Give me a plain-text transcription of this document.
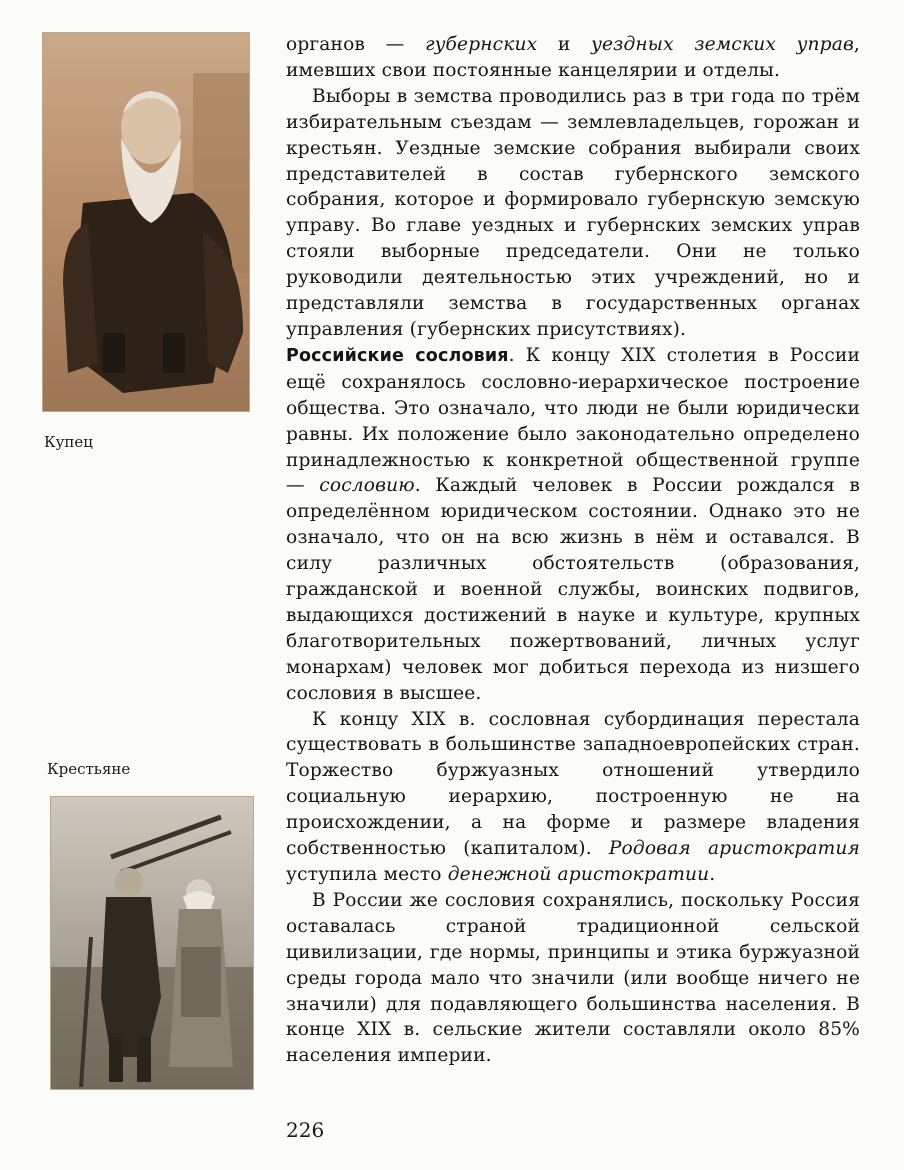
Купец
Крестьяне

органов — губернских и уездных земских управ, имевших свои постоянные канцелярии и отделы.

Выборы в земства проводились раз в три года по трём избирательным съездам — землевладельцев, горожан и крестьян. Уездные земские собрания выбирали своих представителей в состав губернского земского собрания, которое и формировало губернскую земскую управу. Во главе уездных и губернских земских управ стояли выборные председатели. Они не только руководили деятельностью этих учреждений, но и представляли земства в государственных органах управления (губернских присутствиях).

Российские сословия. К концу XIX столетия в России ещё сохранялось сословно-иерархическое построение общества. Это означало, что люди не были юридически равны. Их положение было законодательно определено принадлежностью к конкретной общественной группе — сословию. Каждый человек в России рождался в определённом юридическом состоянии. Однако это не означало, что он на всю жизнь в нём и оставался. В силу различных обстоятельств (образования, гражданской и военной службы, воинских подвигов, выдающихся достижений в науке и культуре, крупных благотворительных пожертвований, личных услуг монархам) человек мог добиться перехода из низшего сословия в высшее.

К концу XIX в. сословная субординация перестала существовать в большинстве западноевропейских стран. Торжество буржуазных отношений утвердило социальную иерархию, построенную не на происхождении, а на форме и размере владения собственностью (капиталом). Родовая аристократия уступила место денежной аристократии.

В России же сословия сохранялись, поскольку Россия оставалась страной традиционной сельской цивилизации, где нормы, принципы и этика буржуазной среды города мало что значили (или вообще ничего не значили) для подавляющего большинства населения. В конце XIX в. сельские жители составляли около 85% населения империи.

226
